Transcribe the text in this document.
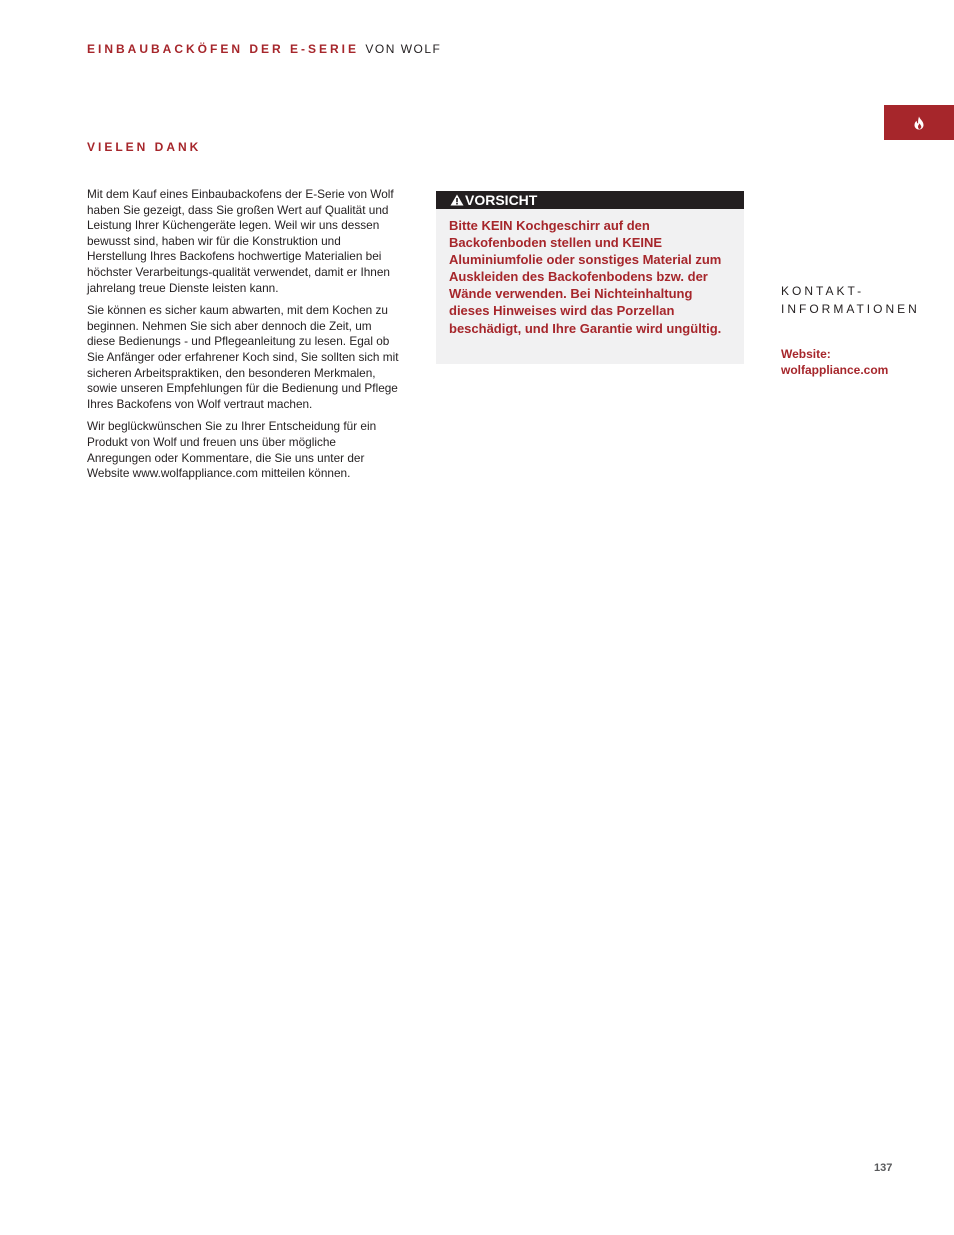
EINBAUBACKÖFEN DER E-SERIE VON WOLF
VIELEN DANK

Mit dem Kauf eines Einbaubackofens der E-Serie von Wolf haben Sie gezeigt, dass Sie großen Wert auf Qualität und Leistung Ihrer Küchengeräte legen. Weil wir uns dessen bewusst sind, haben wir für die Konstruktion und Herstellung Ihres Backofens hochwertige Materialien bei höchster Verarbeitungs-qualität verwendet, damit er Ihnen jahrelang treue Dienste leisten kann.

Sie können es sicher kaum abwarten, mit dem Kochen zu beginnen. Nehmen Sie sich aber dennoch die Zeit, um diese Bedienungs - und Pflegeanleitung zu lesen. Egal ob Sie Anfänger oder erfahrener Koch sind, Sie sollten sich mit sicheren Arbeitspraktiken, den besonderen Merkmalen, sowie unseren Empfehlungen für die Bedienung und Pflege Ihres Backofens von Wolf vertraut machen.

Wir beglückwünschen Sie zu Ihrer Entscheidung für ein Produkt von Wolf und freuen uns über mögliche Anregungen oder Kommentare, die Sie uns unter der Website www.wolfappliance.com mitteilen können.

VORSICHT
Bitte KEIN Kochgeschirr auf den Backofenboden stellen und KEINE Aluminiumfolie oder sonstiges Material zum Auskleiden des Backofenbodens bzw. der Wände verwenden. Bei Nichteinhaltung dieses Hinweises wird das Porzellan beschädigt, und Ihre Garantie wird ungültig.
KONTAKT-
INFORMATIONEN
Website:
wolfappliance.com
137
